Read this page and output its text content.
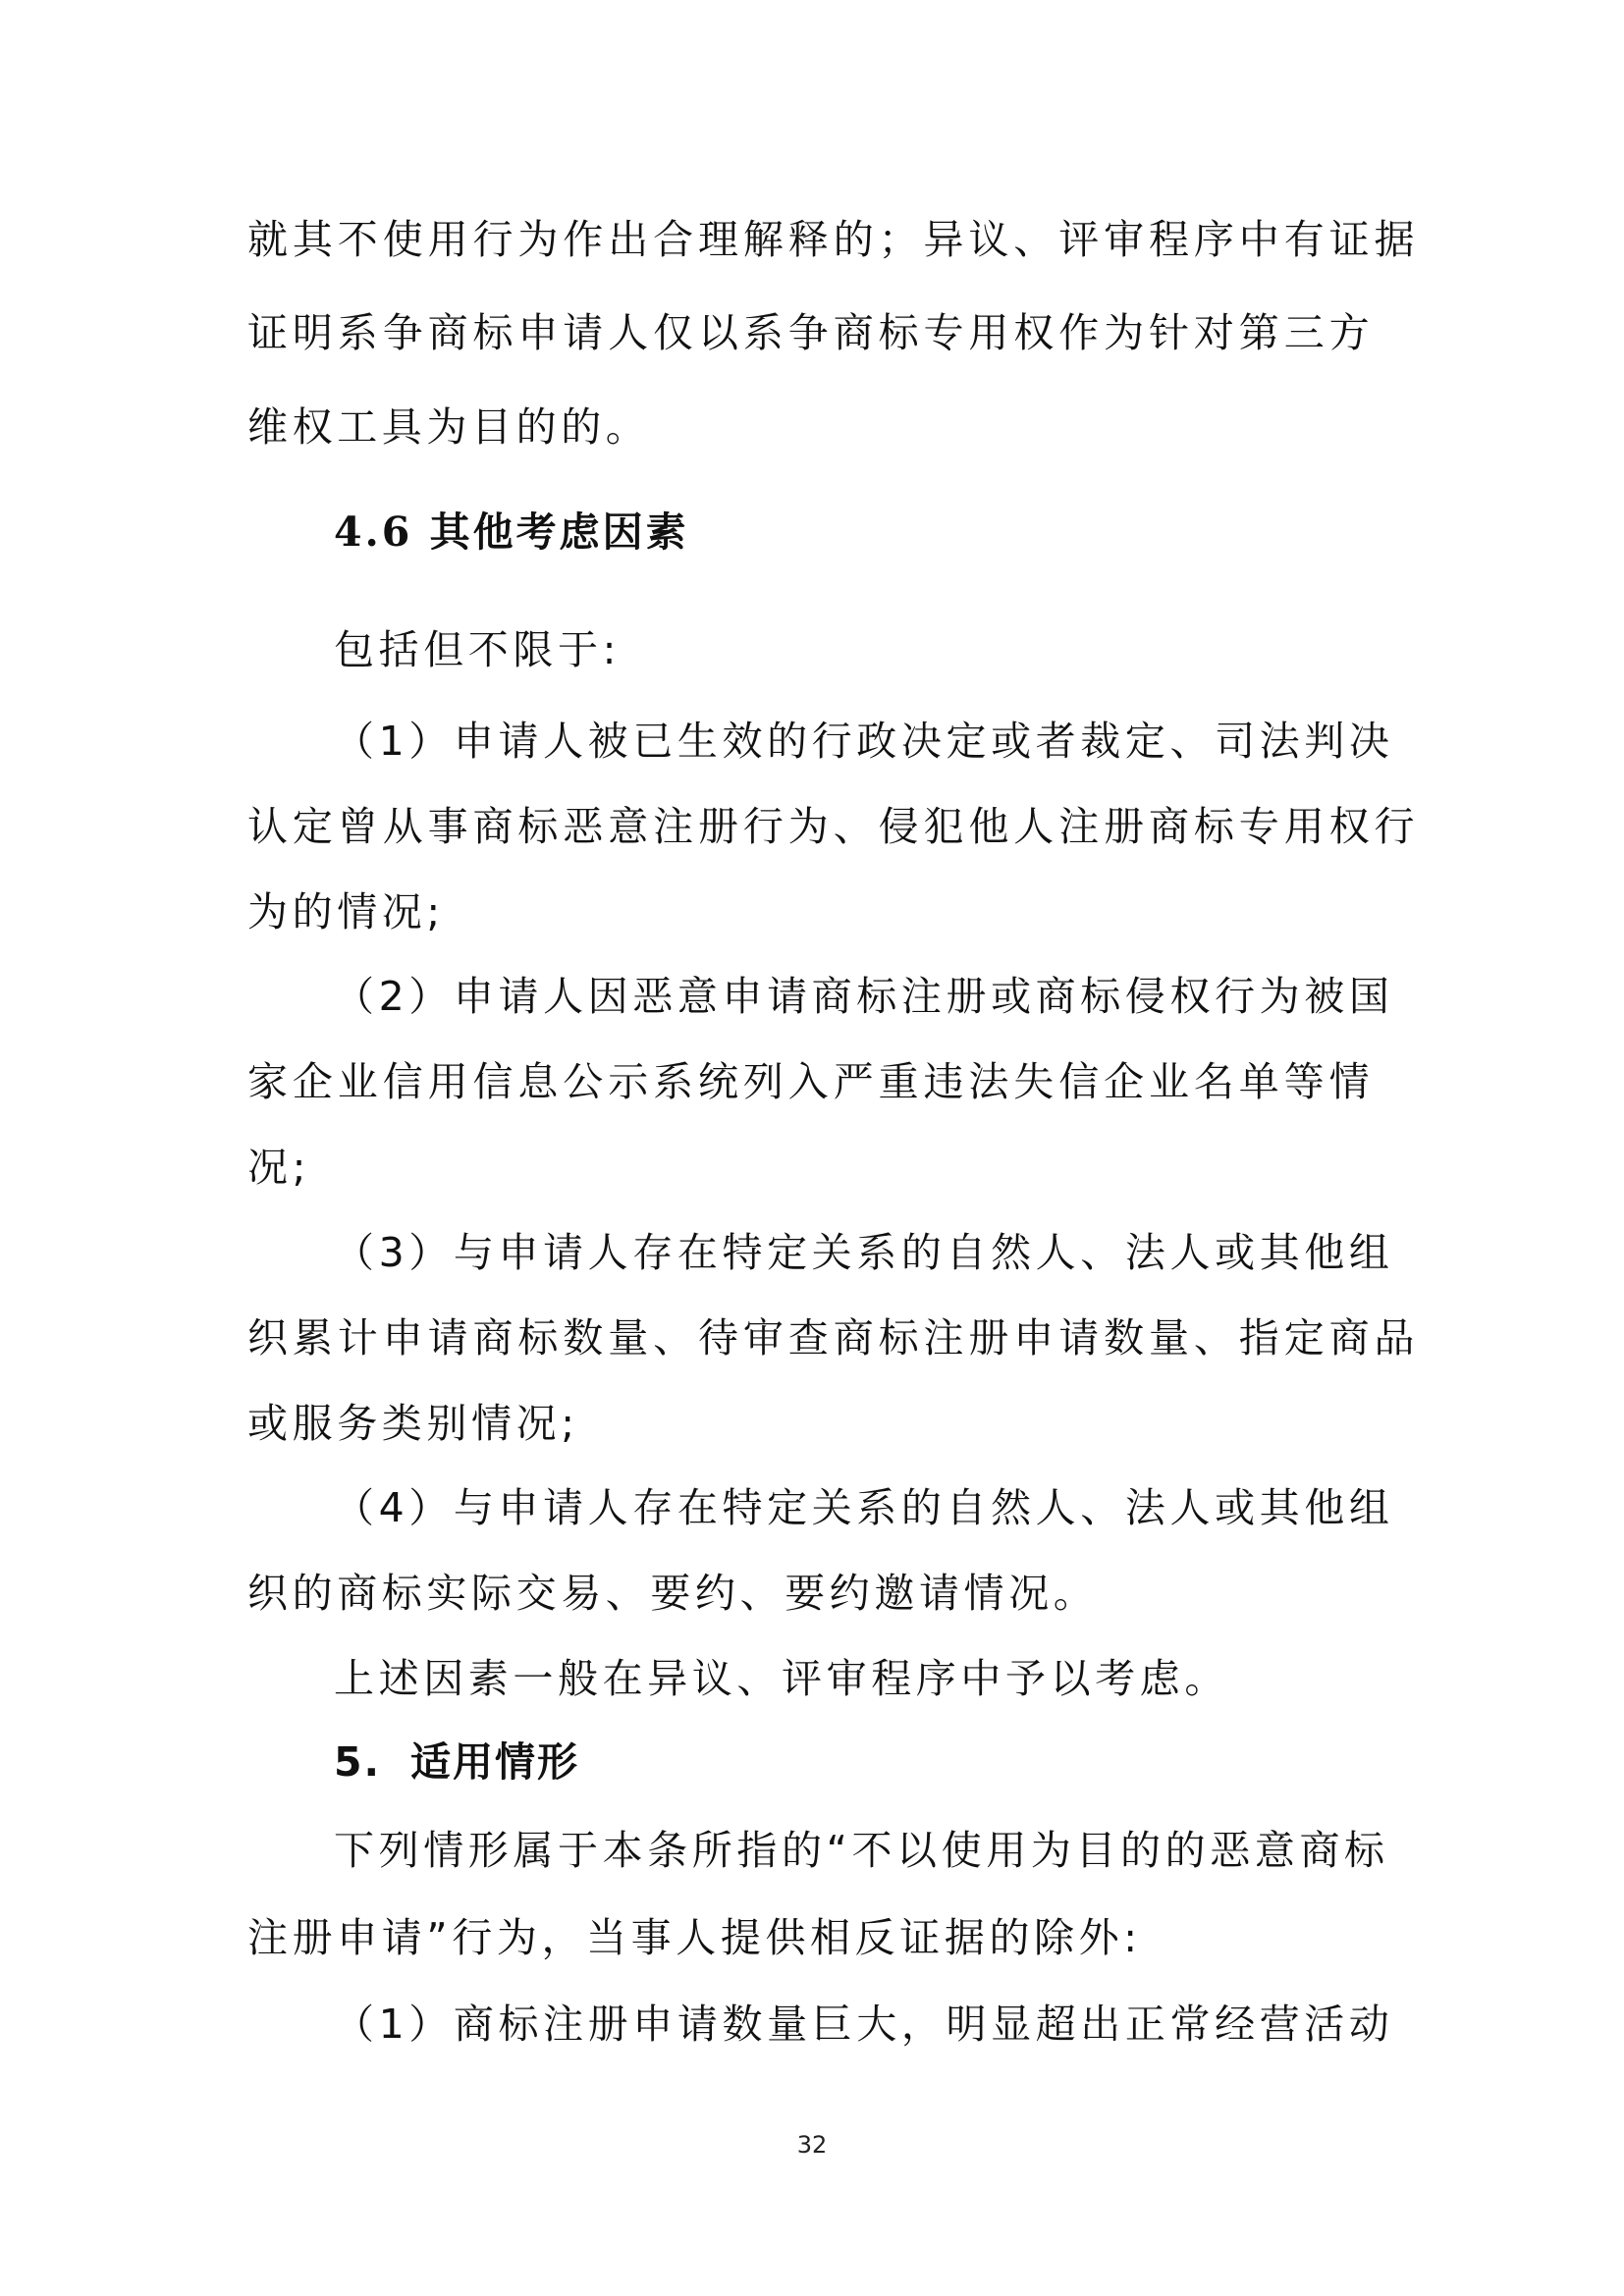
就其不使用行为作出合理解释的；异议、评审程序中有证据
证明系争商标申请人仅以系争商标专用权作为针对第三方
维权工具为目的的。
4.6 其他考虑因素
包括但不限于:
（1）申请人被已生效的行政决定或者裁定、司法判决
认定曾从事商标恶意注册行为、侵犯他人注册商标专用权行
为的情况;
（2）申请人因恶意申请商标注册或商标侵权行为被国
家企业信用信息公示系统列入严重违法失信企业名单等情
况;
（3）与申请人存在特定关系的自然人、法人或其他组
织累计申请商标数量、待审查商标注册申请数量、指定商品
或服务类别情况;
（4）与申请人存在特定关系的自然人、法人或其他组
织的商标实际交易、要约、要约邀请情况。
上述因素一般在异议、评审程序中予以考虑。
5. 适用情形
下列情形属于本条所指的“不以使用为目的的恶意商标
注册申请”行为，当事人提供相反证据的除外:
（1）商标注册申请数量巨大，明显超出正常经营活动
32
